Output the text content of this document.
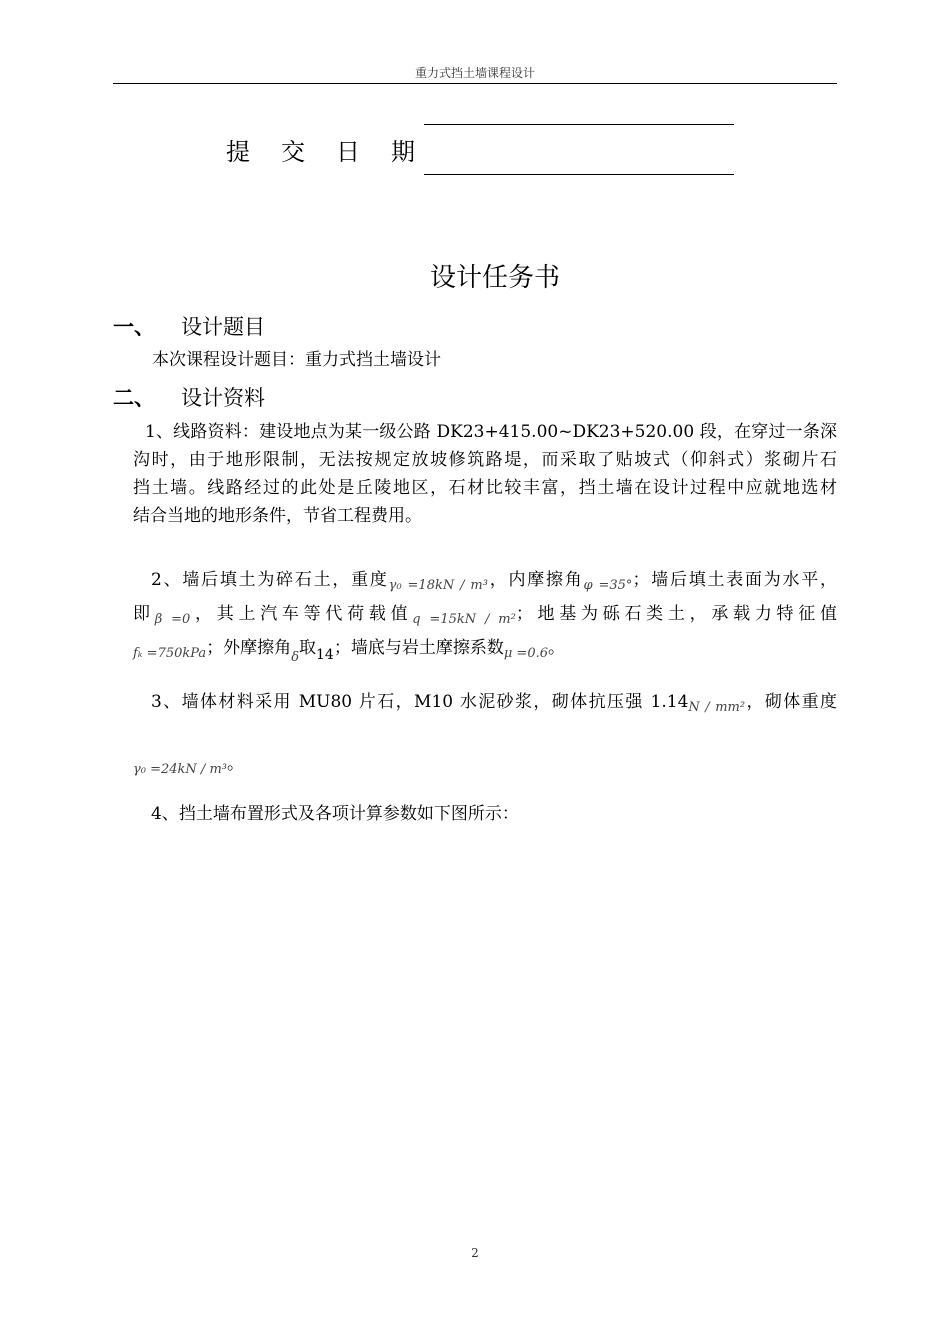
重力式挡土墙课程设计
提	交	日	期
设计任务书
一、 设计题目
本次课程设计题目：重力式挡土墙设计
二、 设计资料
1、线路资料：建设地点为某一级公路 DK23+415.00~DK23+520.00 段，在穿过一条深
沟时，由于地形限制，无法按规定放坡修筑路堤，而采取了贴坡式（仰斜式）浆砌片石
挡土墙。线路经过的此处是丘陵地区，石材比较丰富，挡土墙在设计过程中应就地选材
结合当地的地形条件，节省工程费用。
2、墙后填土为碎石土，重度$_{\gamma_0 =18kN / m^3}$，内摩擦角$_{\varphi =35^\circ}$；墙后填土表面为水平，
即$_{\beta =0}$，其上汽车等代荷载值$_{q =15kN / m^2}$；地基为砾石类土，承载力特征值
$_{f_k =750kPa}$；外摩擦角$_\delta$取$_{14}$；墙底与岩土摩擦系数$_{\mu =0.6}$。
3、墙体材料采用 MU80 片石，M10 水泥砂浆，砌体抗压强 $1.14_{N / mm^2}$，砌体重度
$_{\gamma_0 =24kN / m^3}$。
4、挡土墙布置形式及各项计算参数如下图所示：
2
